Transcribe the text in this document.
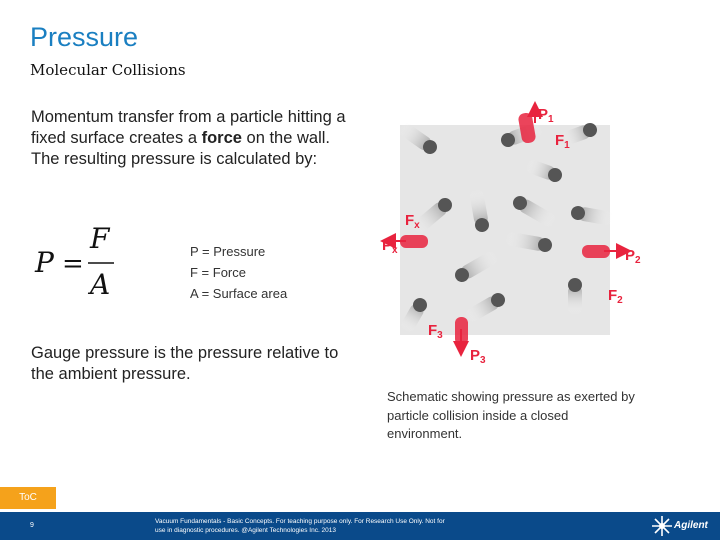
Pressure
Molecular Collisions
Momentum transfer from a particle hitting a fixed surface creates a force on the wall. The resulting pressure is calculated by:
P =
F
A
P = Pressure
F = Force
A = Surface area
Gauge pressure is the pressure relative to the ambient pressure.
$P_1$
$F_1$
$F_x$
$P_x$	$P_2$
$F_2$
$F_3$
$P_3$
Schematic showing pressure as exerted by particle collision inside a closed environment.
ToC
9
Vacuum Fundamentals - Basic Concepts. For teaching purpose only. For Research Use Only. Not for use in diagnostic procedures. @Agilent Technologies Inc. 2013	Agilent
